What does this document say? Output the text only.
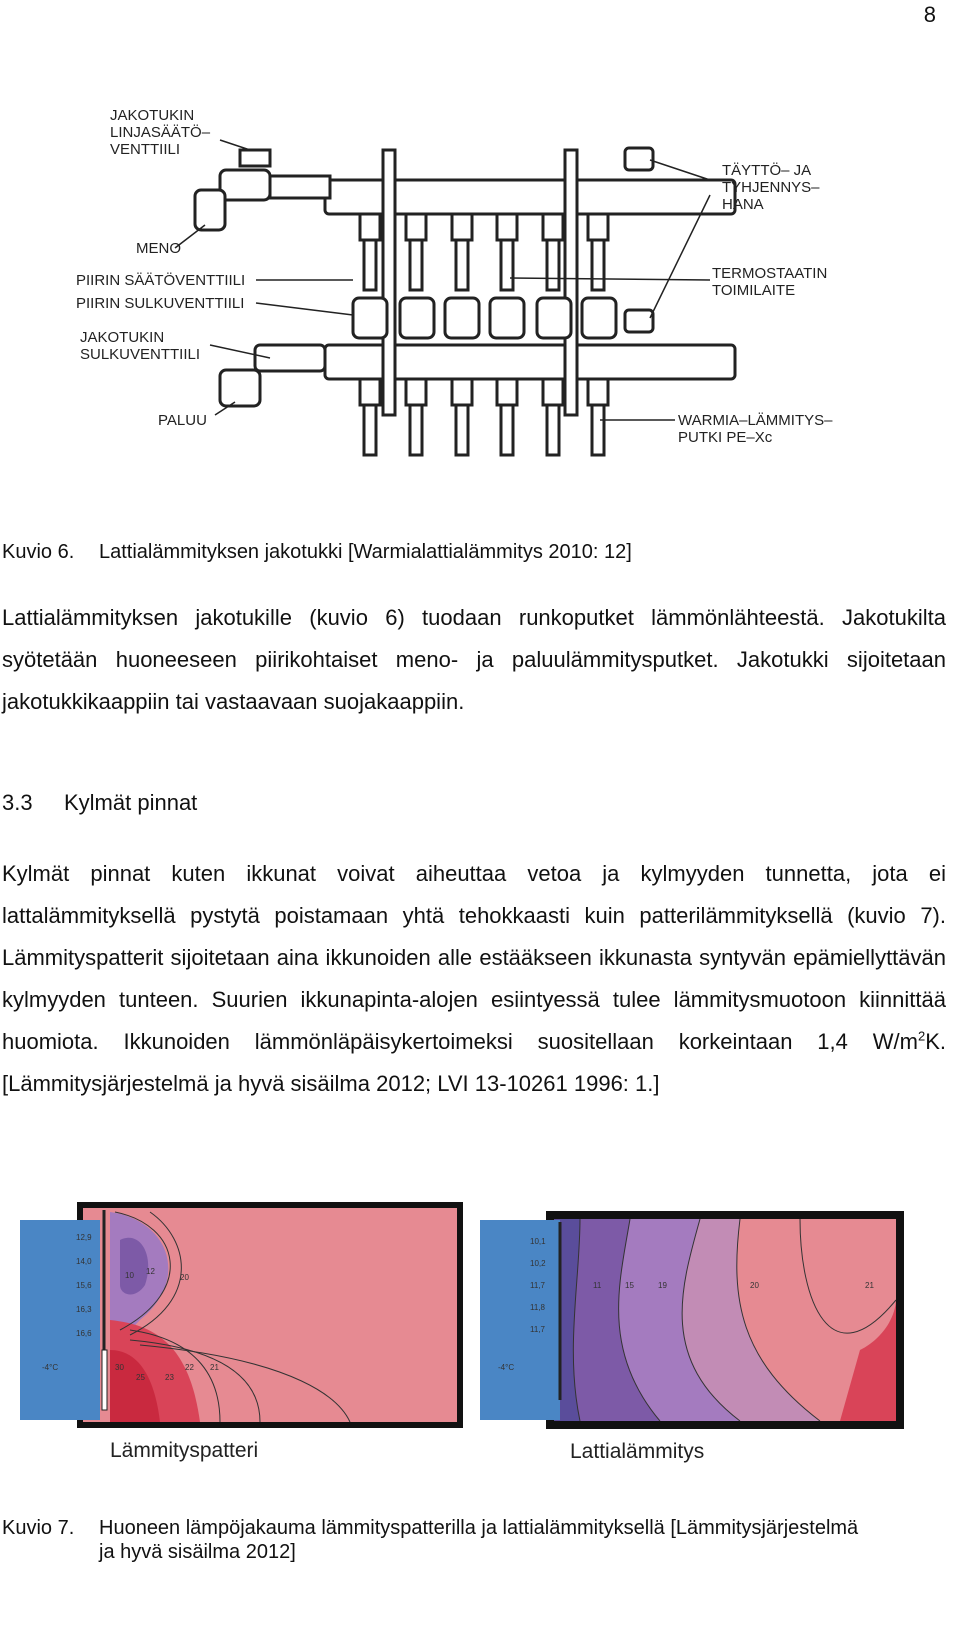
8
JAKOTUKIN LINJASÄÄTÖ– VENTTIILI
MENO
PIIRIN SÄÄTÖVENTTIILI
PIIRIN SULKUVENTTIILI
JAKOTUKIN SULKUVENTTIILI
PALUU
TÄYTTÖ– JA TYHJENNYS– HANA
TERMOSTAATIN TOIMILAITE
WARMIA–LÄMMITYS– PUTKI PE–Xc
Kuvio 6. Lattialämmityksen jakotukki [Warmialattialämmitys 2010: 12]

Lattialämmityksen jakotukille (kuvio 6) tuodaan runkoputket lämmönlähteestä. Jakotukilta syötetään huoneeseen piirikohtaiset meno- ja paluulämmitysputket. Jakotukki sijoitetaan jakotukkikaappiin tai vastaavaan suojakaappiin.

3.3 Kylmät pinnat

Kylmät pinnat kuten ikkunat voivat aiheuttaa vetoa ja kylmyyden tunnetta, jota ei lattalämmityksellä pystytä poistamaan yhtä tehokkaasti kuin patterilämmityksellä (kuvio 7). Lämmityspatterit sijoitetaan aina ikkunoiden alle estääkseen ikkunasta syntyvän epämiellyttävän kylmyyden tunteen. Suurien ikkunapinta-alojen esiintyessä tulee lämmitysmuotoon kiinnittää huomiota. Ikkunoiden lämmönläpäisykertoimeksi suositellaan korkeintaan 1,4 $W/m^2K$. [Lämmitysjärjestelmä ja hyvä sisäilma 2012; LVI 13-10261 1996: 1.]

12,9
14,0
15,6
16,3
16,6
-4°C
10 12
20
30
25	23
22 21
Lämmityspatteri
10,1
10,2
11,7
11,8
11,7
-4°C
11	15	19	20	21
Lattialämmitys
Kuvio 7. Huoneen lämpöjakauma lämmityspatterilla ja lattialämmityksellä [Lämmitysjärjestelmä
ja hyvä sisäilma 2012]
